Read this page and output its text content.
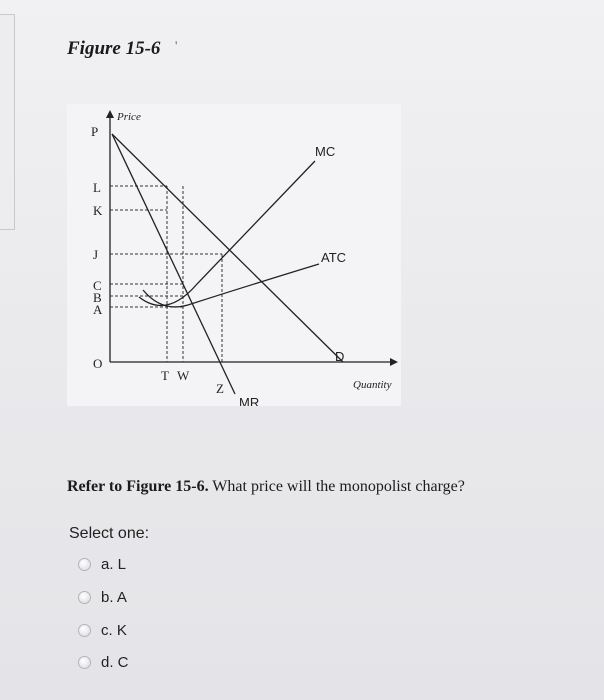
Figure 15-6 '
Price
Quantity
P
L
K
J
C
B
A
O
T W
Z
MC
ATC
D
MR
Refer to Figure 15-6. What price will the monopolist charge?
Select one:
a. L
b. A
c. K
d. C
